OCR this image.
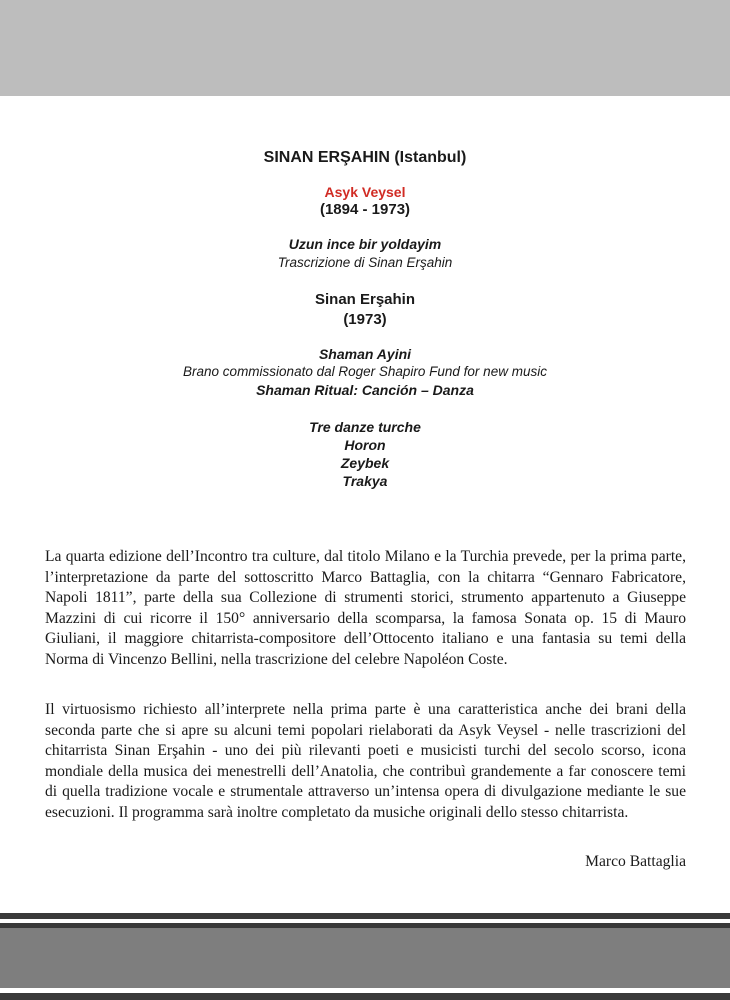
SINAN ERŞAHIN (Istanbul)
Asyk Veysel
(1894 - 1973)
Uzun ince bir yoldayim
Trascrizione di Sinan Erşahin
Sinan Erşahin
(1973)
Shaman Ayini
Brano commissionato dal Roger Shapiro Fund for new music
Shaman Ritual: Canción – Danza
Tre danze turche
Horon
Zeybek
Trakya

La quarta edizione dell’Incontro tra culture, dal titolo Milano e la Turchia prevede, per la prima parte, l’interpretazione da parte del sottoscritto Marco Battaglia, con la chitarra “Gennaro Fabricatore, Napoli 1811”, parte della sua Collezione di strumenti storici, strumento appartenuto a Giuseppe Mazzini di cui ricorre il 150° anniversario della scomparsa, la famosa Sonata op. 15 di Mauro Giuliani, il maggiore chitarrista-compositore dell’Ottocento italiano e una fantasia su temi della Norma di Vincenzo Bellini, nella trascrizione del celebre Napoléon Coste.

Il virtuosismo richiesto all’interprete nella prima parte è una caratteristica anche dei brani della seconda parte che si apre su alcuni temi popolari rielaborati da Asyk Veysel - nelle trascrizioni del chitarrista Sinan Erşahin - uno dei più rilevanti poeti e musicisti turchi del secolo scorso, icona mondiale della musica dei menestrelli dell’Anatolia, che contribuì grandemente a far conoscere temi di quella tradizione vocale e strumentale attraverso un’intensa opera di divulgazione mediante le sue esecuzioni. Il programma sarà inoltre completato da musiche originali dello stesso chitarrista.

Marco Battaglia
